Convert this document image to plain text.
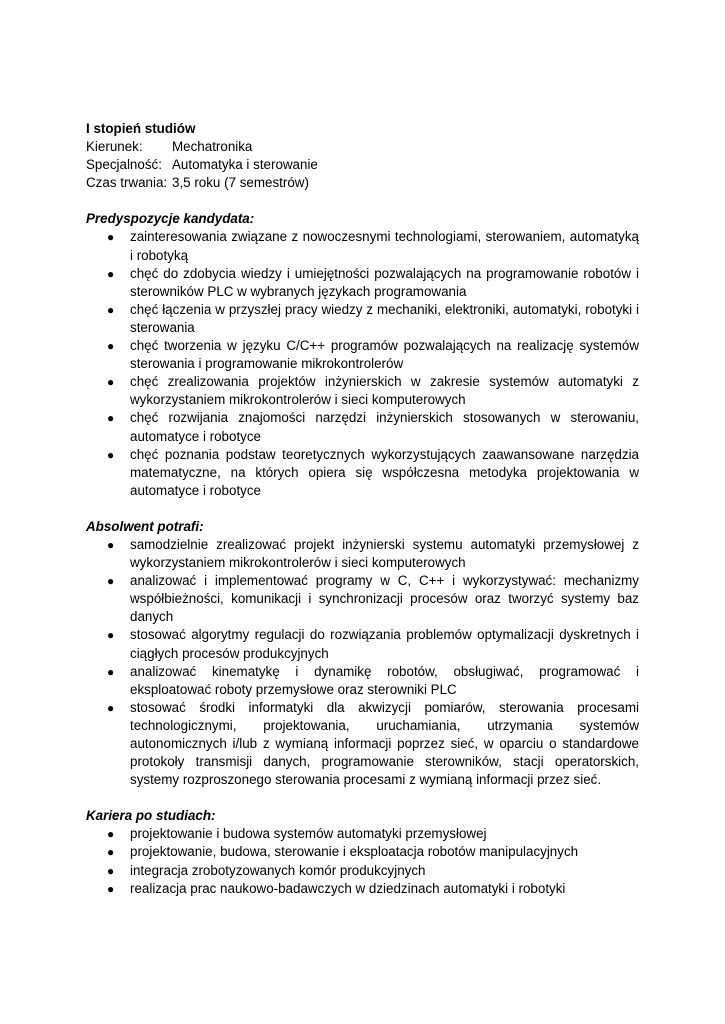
I stopień studiów

Kierunek:	Mechatronika
Specjalność: Automatyka i sterowanie
Czas trwania: 3,5 roku (7 semestrów)

Predyspozycje kandydata:

● zainteresowania związane z nowoczesnymi technologiami, sterowaniem, automatyką i robotyką
● chęć do zdobycia wiedzy i umiejętności pozwalających na programowanie robotów i sterowników PLC w wybranych językach programowania
● chęć łączenia w przyszłej pracy wiedzy z mechaniki, elektroniki, automatyki, robotyki i sterowania
● chęć tworzenia w języku C/C++ programów pozwalających na realizację systemów sterowania i programowanie mikrokontrolerów
● chęć zrealizowania projektów inżynierskich w zakresie systemów automatyki z wykorzystaniem mikrokontrolerów i sieci komputerowych
● chęć rozwijania znajomości narzędzi inżynierskich stosowanych w sterowaniu, automatyce i robotyce
● chęć poznania podstaw teoretycznych wykorzystujących zaawansowane narzędzia matematyczne, na których opiera się współczesna metodyka projektowania w automatyce i robotyce

Absolwent potrafi:

● samodzielnie zrealizować projekt inżynierski systemu automatyki przemysłowej z wykorzystaniem mikrokontrolerów i sieci komputerowych
● analizować i implementować programy w C, C++ i wykorzystywać: mechanizmy współbieżności, komunikacji i synchronizacji procesów oraz tworzyć systemy baz danych
● stosować algorytmy regulacji do rozwiązania problemów optymalizacji dyskretnych i ciągłych procesów produkcyjnych
● analizować kinematykę i dynamikę robotów, obsługiwać, programować i eksploatować roboty przemysłowe oraz sterowniki PLC
● stosować środki informatyki dla akwizycji pomiarów, sterowania procesami technologicznymi, projektowania, uruchamiania, utrzymania systemów autonomicznych i/lub z wymianą informacji poprzez sieć, w oparciu o standardowe protokoły transmisji danych, programowanie sterowników, stacji operatorskich, systemy rozproszonego sterowania procesami z wymianą informacji przez sieć.

Kariera po studiach:

● projektowanie i budowa systemów automatyki przemysłowej
● projektowanie, budowa, sterowanie i eksploatacja robotów manipulacyjnych
● integracja zrobotyzowanych komór produkcyjnych
● realizacja prac naukowo-badawczych w dziedzinach automatyki i robotyki
